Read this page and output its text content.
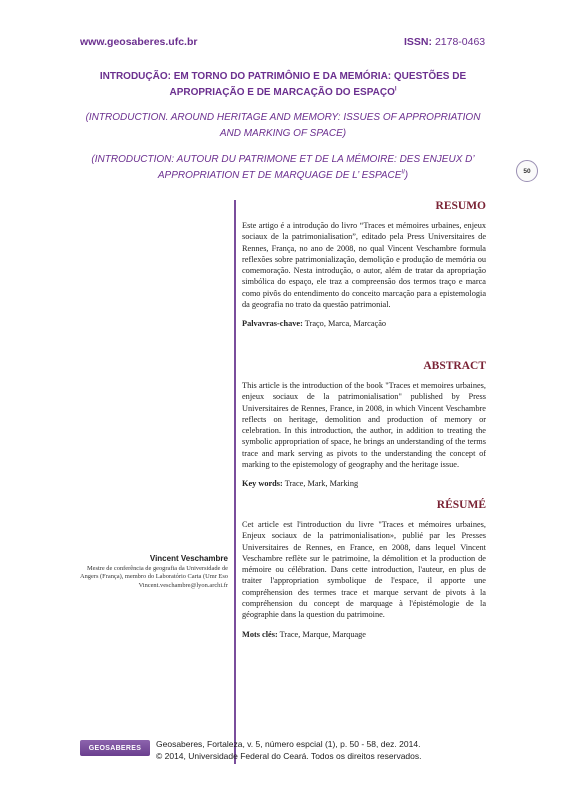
www.geosaberes.ufc.br	ISSN: 2178-0463
INTRODUÇÃO: EM TORNO DO PATRIMÔNIO E DA MEMÓRIA: QUESTÕES DE
APROPRIAÇÃO E DE MARCAÇÃO DO $ESPAÇO^I$
(INTRODUCTION. AROUND HERITAGE AND MEMORY: ISSUES OF APPROPRIATION
AND MARKING OF SPACE)
(INTRODUCTION: AUTOUR DU PATRIMONE ET DE LA MÉMOIRE: DES ENJEUX D’
APPROPRIATION ET DE MARQUAGE DE L’ $ESPACE^{II}$)	50
RESUMO

Este artigo é a introdução do livro “Traces et mémoires urbaines, enjeux sociaux de la patrimonialisation”, editado pela Press Universitaires de Rennes, França, no ano de 2008, no qual Vincent Veschambre formula reflexões sobre patrimonialização, demolição e produção de memória ou comemoração. Nesta introdução, o autor, além de tratar da apropriação simbólica do espaço, ele traz a compreensão dos termos traço e marca como pivôs do entendimento do conceito marcação para a epistemologia da geografia no trato da questão patrimonial.

Palvavras-chave: Traço, Marca, Marcação
ABSTRACT

This article is the introduction of the book "Traces et memoires urbaines, enjeux sociaux de la patrimonialisation" published by Press Universitaires de Rennes, France, in 2008, in which Vincent Veschambre reflects on heritage, demolition and production of memory or celebration. In this introduction, the author, in addition to treating the symbolic appropriation of space, he brings an understanding of the terms trace and mark serving as pivots to the understanding the concept of marking to the epistemology of geography and the heritage issue.

Key words: Trace, Mark, Marking
RÉSUMÉ

Cet article est l'introduction du livre "Traces et mémoires urbaines, Enjeux sociaux de la patrimonialisation», publié par les Presses Universitaires de Rennes, en France, en 2008, dans lequel Vincent Veschambre reflète sur le patrimoine, la démolition et la production de mémoire ou célébration. Dans cette introduction, l'auteur, en plus de traiter l'appropriation symbolique de l'espace, il apporte une compréhension des termes trace et marque servant de pivots à la compréhension du concept de marquage à l'épistémologie de la géographie dans la question du patrimoine.

Mots clés: Trace, Marque, Marquage
Vincent Veschambre
Mestre de conferência de geografia da Universidade de Angers (França), membro do Laboratório Carta (Umr Eso
Vincent.veschambre@lyon.archi.fr
GEOSABERES	Geosaberes, Fortaleza, v. 5, número espcial (1), p. 50 - 58, dez. 2014.
© 2014, Universidade Federal do Ceará. Todos os direitos reservados.
